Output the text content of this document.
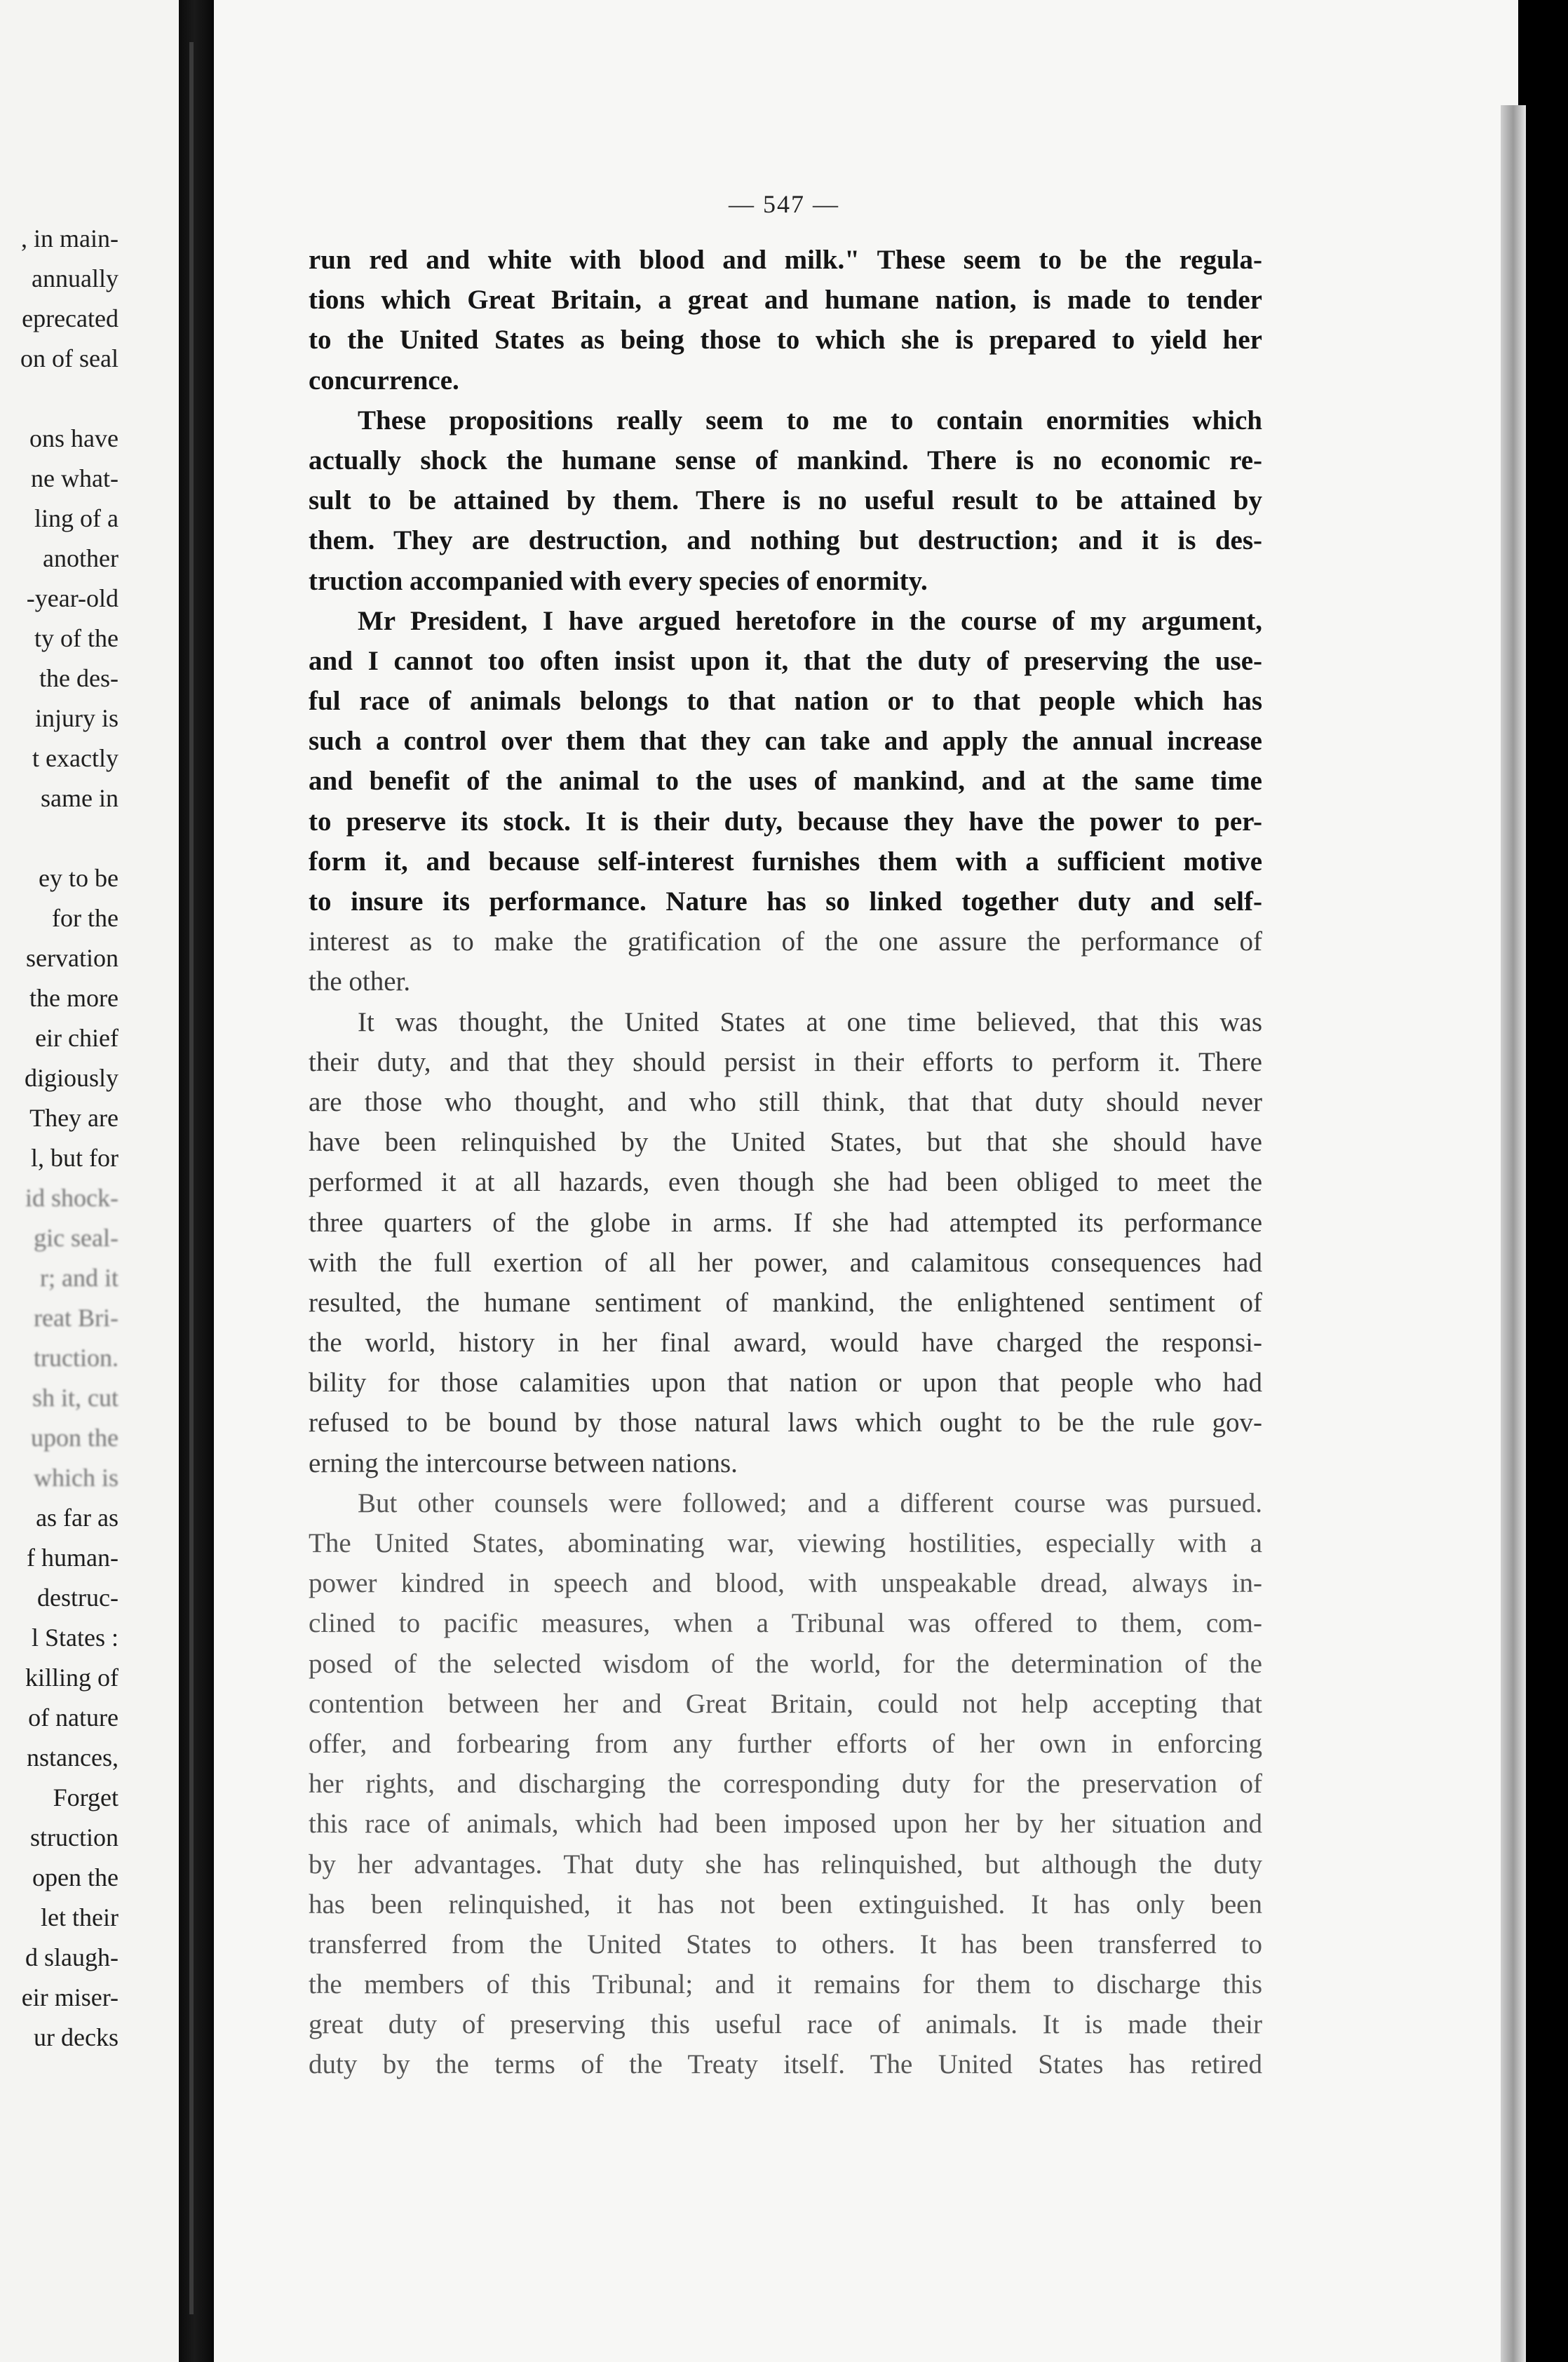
, in main-
annually
eprecated
on of seal
ons have
ne what-
ling of a
another
-year-old
ty of the
the des-
injury is
t exactly
same in
ey to be
for the
servation
the more
eir chief
digiously
They are
l, but for
id shock-
gic seal-
r; and it
reat Bri-
truction.
sh it, cut
upon the
which is
as far as
f human-
destruc-
l States :
killing of
of nature
nstances,
Forget
struction
open the
let their
d slaugh-
eir miser-
ur decks
— 547 —
run red and white with blood and milk." These seem to be the regula-
tions which Great Britain, a great and humane nation, is made to tender
to the United States as being those to which she is prepared to yield her
concurrence.
These propositions really seem to me to contain enormities which
actually shock the humane sense of mankind. There is no economic re-
sult to be attained by them. There is no useful result to be attained by
them. They are destruction, and nothing but destruction; and it is des-
truction accompanied with every species of enormity.
Mr President, I have argued heretofore in the course of my argument,
and I cannot too often insist upon it, that the duty of preserving the use-
ful race of animals belongs to that nation or to that people which has
such a control over them that they can take and apply the annual increase
and benefit of the animal to the uses of mankind, and at the same time
to preserve its stock. It is their duty, because they have the power to per-
form it, and because self-interest furnishes them with a sufficient motive
to insure its performance. Nature has so linked together duty and self-
interest as to make the gratification of the one assure the performance of
the other.
It was thought, the United States at one time believed, that this was
their duty, and that they should persist in their efforts to perform it. There
are those who thought, and who still think, that that duty should never
have been relinquished by the United States, but that she should have
performed it at all hazards, even though she had been obliged to meet the
three quarters of the globe in arms. If she had attempted its performance
with the full exertion of all her power, and calamitous consequences had
resulted, the humane sentiment of mankind, the enlightened sentiment of
the world, history in her final award, would have charged the responsi-
bility for those calamities upon that nation or upon that people who had
refused to be bound by those natural laws which ought to be the rule gov-
erning the intercourse between nations.
But other counsels were followed; and a different course was pursued.
The United States, abominating war, viewing hostilities, especially with a
power kindred in speech and blood, with unspeakable dread, always in-
clined to pacific measures, when a Tribunal was offered to them, com-
posed of the selected wisdom of the world, for the determination of the
contention between her and Great Britain, could not help accepting that
offer, and forbearing from any further efforts of her own in enforcing
her rights, and discharging the corresponding duty for the preservation of
this race of animals, which had been imposed upon her by her situation and
by her advantages. That duty she has relinquished, but although the duty
has been relinquished, it has not been extinguished. It has only been
transferred from the United States to others. It has been transferred to
the members of this Tribunal; and it remains for them to discharge this
great duty of preserving this useful race of animals. It is made their
duty by the terms of the Treaty itself. The United States has retired
